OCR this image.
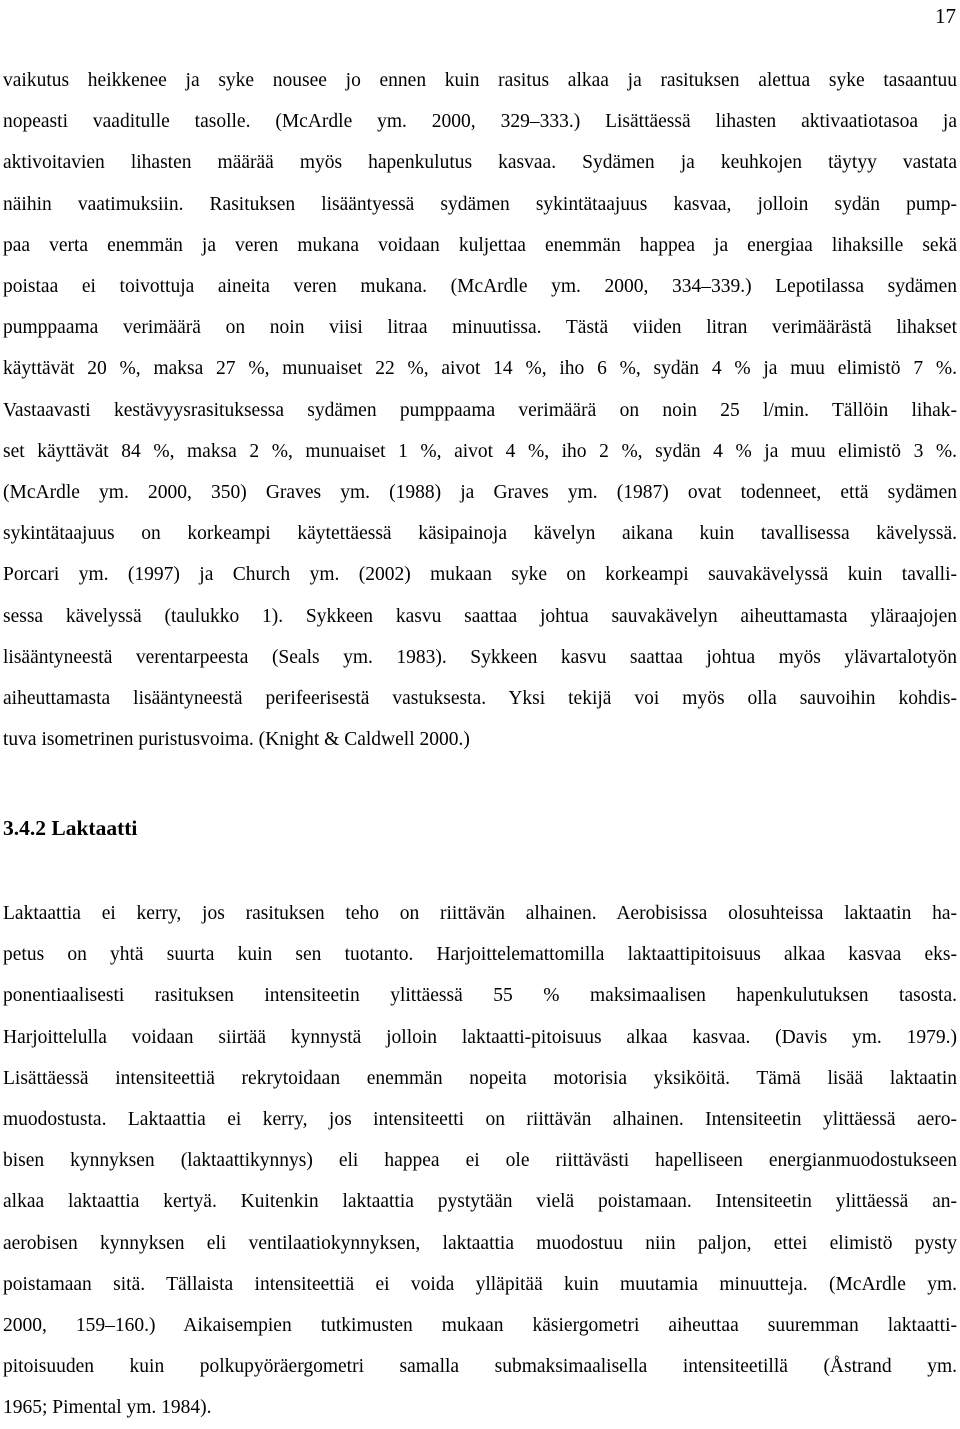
17

vaikutus heikkenee ja syke nousee jo ennen kuin rasitus alkaa ja rasituksen alettua syke tasaantuu
nopeasti vaaditulle tasolle. (McArdle ym. 2000, 329–333.) Lisättäessä lihasten aktivaatiotasoa ja
aktivoitavien lihasten määrää myös hapenkulutus kasvaa. Sydämen ja keuhkojen täytyy vastata
näihin vaatimuksiin. Rasituksen lisääntyessä sydämen sykintätaajuus kasvaa, jolloin sydän pump-
paa verta enemmän ja veren mukana voidaan kuljettaa enemmän happea ja energiaa lihaksille sekä
poistaa ei toivottuja aineita veren mukana. (McArdle ym. 2000, 334–339.) Lepotilassa sydämen
pumppaama verimäärä on noin viisi litraa minuutissa. Tästä viiden litran verimäärästä lihakset
käyttävät 20 %, maksa 27 %, munuaiset 22 %, aivot 14 %, iho 6 %, sydän 4 % ja muu elimistö 7 %.
Vastaavasti kestävyysrasituksessa sydämen pumppaama verimäärä on noin 25 l/min. Tällöin lihak-
set käyttävät 84 %, maksa 2 %, munuaiset 1 %, aivot 4 %, iho 2 %, sydän 4 % ja muu elimistö 3 %.
(McArdle ym. 2000, 350) Graves ym. (1988) ja Graves ym. (1987) ovat todenneet, että sydämen
sykintätaajuus on korkeampi käytettäessä käsipainoja kävelyn aikana kuin tavallisessa kävelyssä.
Porcari ym. (1997) ja Church ym. (2002) mukaan syke on korkeampi sauvakävelyssä kuin tavalli-
sessa kävelyssä (taulukko 1). Sykkeen kasvu saattaa johtua sauvakävelyn aiheuttamasta yläraajojen
lisääntyneestä verentarpeesta (Seals ym. 1983). Sykkeen kasvu saattaa johtua myös ylävartalotyön
aiheuttamasta lisääntyneestä perifeerisestä vastuksesta. Yksi tekijä voi myös olla sauvoihin kohdis-
tuva isometrinen puristusvoima. (Knight & Caldwell 2000.)

3.4.2 Laktaatti

Laktaattia ei kerry, jos rasituksen teho on riittävän alhainen. Aerobisissa olosuhteissa laktaatin ha-
petus on yhtä suurta kuin sen tuotanto. Harjoittelemattomilla laktaattipitoisuus alkaa kasvaa eks-
ponentiaalisesti rasituksen intensiteetin ylittäessä 55 % maksimaalisen hapenkulutuksen tasosta.
Harjoittelulla voidaan siirtää kynnystä jolloin laktaatti-pitoisuus alkaa kasvaa. (Davis ym. 1979.)
Lisättäessä intensiteettiä rekrytoidaan enemmän nopeita motorisia yksiköitä. Tämä lisää laktaatin
muodostusta. Laktaattia ei kerry, jos intensiteetti on riittävän alhainen. Intensiteetin ylittäessä aero-
bisen kynnyksen (laktaattikynnys) eli happea ei ole riittävästi hapelliseen energianmuodostukseen
alkaa laktaattia kertyä. Kuitenkin laktaattia pystytään vielä poistamaan. Intensiteetin ylittäessä an-
aerobisen kynnyksen eli ventilaatiokynnyksen, laktaattia muodostuu niin paljon, ettei elimistö pysty
poistamaan sitä. Tällaista intensiteettiä ei voida ylläpitää kuin muutamia minuutteja. (McArdle ym.
2000, 159–160.) Aikaisempien tutkimusten mukaan käsiergometri aiheuttaa suuremman laktaatti-
pitoisuuden kuin polkupyöräergometri samalla submaksimaalisella intensiteetillä (Åstrand ym.
1965; Pimental ym. 1984).
